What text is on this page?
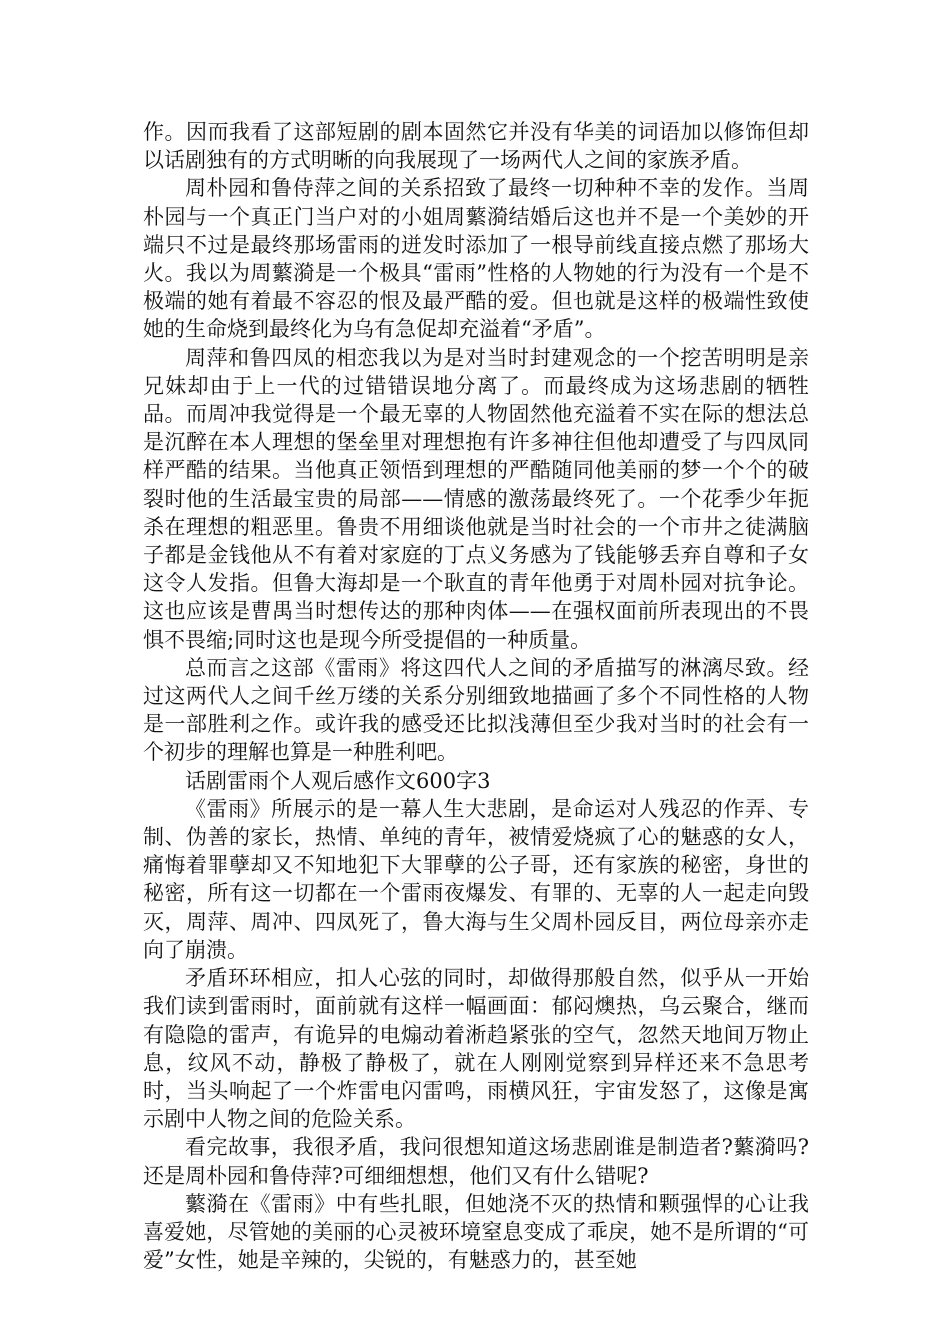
作。因而我看了这部短剧的剧本固然它并没有华美的词语加以修饰但却以话剧独有的方式明晰的向我展现了一场两代人之间的家族矛盾。

周朴园和鲁侍萍之间的关系招致了最终一切种种不幸的发作。当周朴园与一个真正门当户对的小姐周蘩漪结婚后这也并不是一个美妙的开端只不过是最终那场雷雨的迸发时添加了一根导前线直接点燃了那场大火。我以为周蘩漪是一个极具“雷雨”性格的人物她的行为没有一个是不极端的她有着最不容忍的恨及最严酷的爱。但也就是这样的极端性致使她的生命烧到最终化为乌有急促却充溢着“矛盾”。

周萍和鲁四凤的相恋我以为是对当时封建观念的一个挖苦明明是亲兄妹却由于上一代的过错错误地分离了。而最终成为这场悲剧的牺牲品。而周冲我觉得是一个最无辜的人物固然他充溢着不实在际的想法总是沉醉在本人理想的堡垒里对理想抱有许多神往但他却遭受了与四凤同样严酷的结果。当他真正领悟到理想的严酷随同他美丽的梦一个个的破裂时他的生活最宝贵的局部——情感的激荡最终死了。一个花季少年扼杀在理想的粗恶里。鲁贵不用细谈他就是当时社会的一个市井之徒满脑子都是金钱他从不有着对家庭的丁点义务感为了钱能够丢弃自尊和子女这令人发指。但鲁大海却是一个耿直的青年他勇于对周朴园对抗争论。这也应该是曹禺当时想传达的那种肉体——在强权面前所表现出的不畏惧不畏缩;同时这也是现今所受提倡的一种质量。

总而言之这部《雷雨》将这四代人之间的矛盾描写的淋漓尽致。经过这两代人之间千丝万缕的关系分别细致地描画了多个不同性格的人物是一部胜利之作。或许我的感受还比拟浅薄但至少我对当时的社会有一个初步的理解也算是一种胜利吧。

话剧雷雨个人观后感作文600字3

《雷雨》所展示的是一幕人生大悲剧，是命运对人残忍的作弄、专制、伪善的家长，热情、单纯的青年，被情爱烧疯了心的魅惑的女人，痛悔着罪孽却又不知地犯下大罪孽的公子哥，还有家族的秘密，身世的秘密，所有这一切都在一个雷雨夜爆发、有罪的、无辜的人一起走向毁灭，周萍、周冲、四凤死了，鲁大海与生父周朴园反目，两位母亲亦走向了崩溃。

矛盾环环相应，扣人心弦的同时，却做得那般自然，似乎从一开始我们读到雷雨时，面前就有这样一幅画面：郁闷燠热，乌云聚合，继而有隐隐的雷声，有诡异的电煽动着淅趋紧张的空气，忽然天地间万物止息，纹风不动，静极了静极了，就在人刚刚觉察到异样还来不急思考时，当头响起了一个炸雷电闪雷鸣，雨横风狂，宇宙发怒了，这像是寓示剧中人物之间的危险关系。

看完故事，我很矛盾，我问很想知道这场悲剧谁是制造者?蘩漪吗?还是周朴园和鲁侍萍?可细细想想，他们又有什么错呢?

蘩漪在《雷雨》中有些扎眼，但她浇不灭的热情和颗强悍的心让我喜爱她，尽管她的美丽的心灵被环境窒息变成了乖戾，她不是所谓的“可爱”女性，她是辛辣的，尖锐的，有魅惑力的，甚至她
